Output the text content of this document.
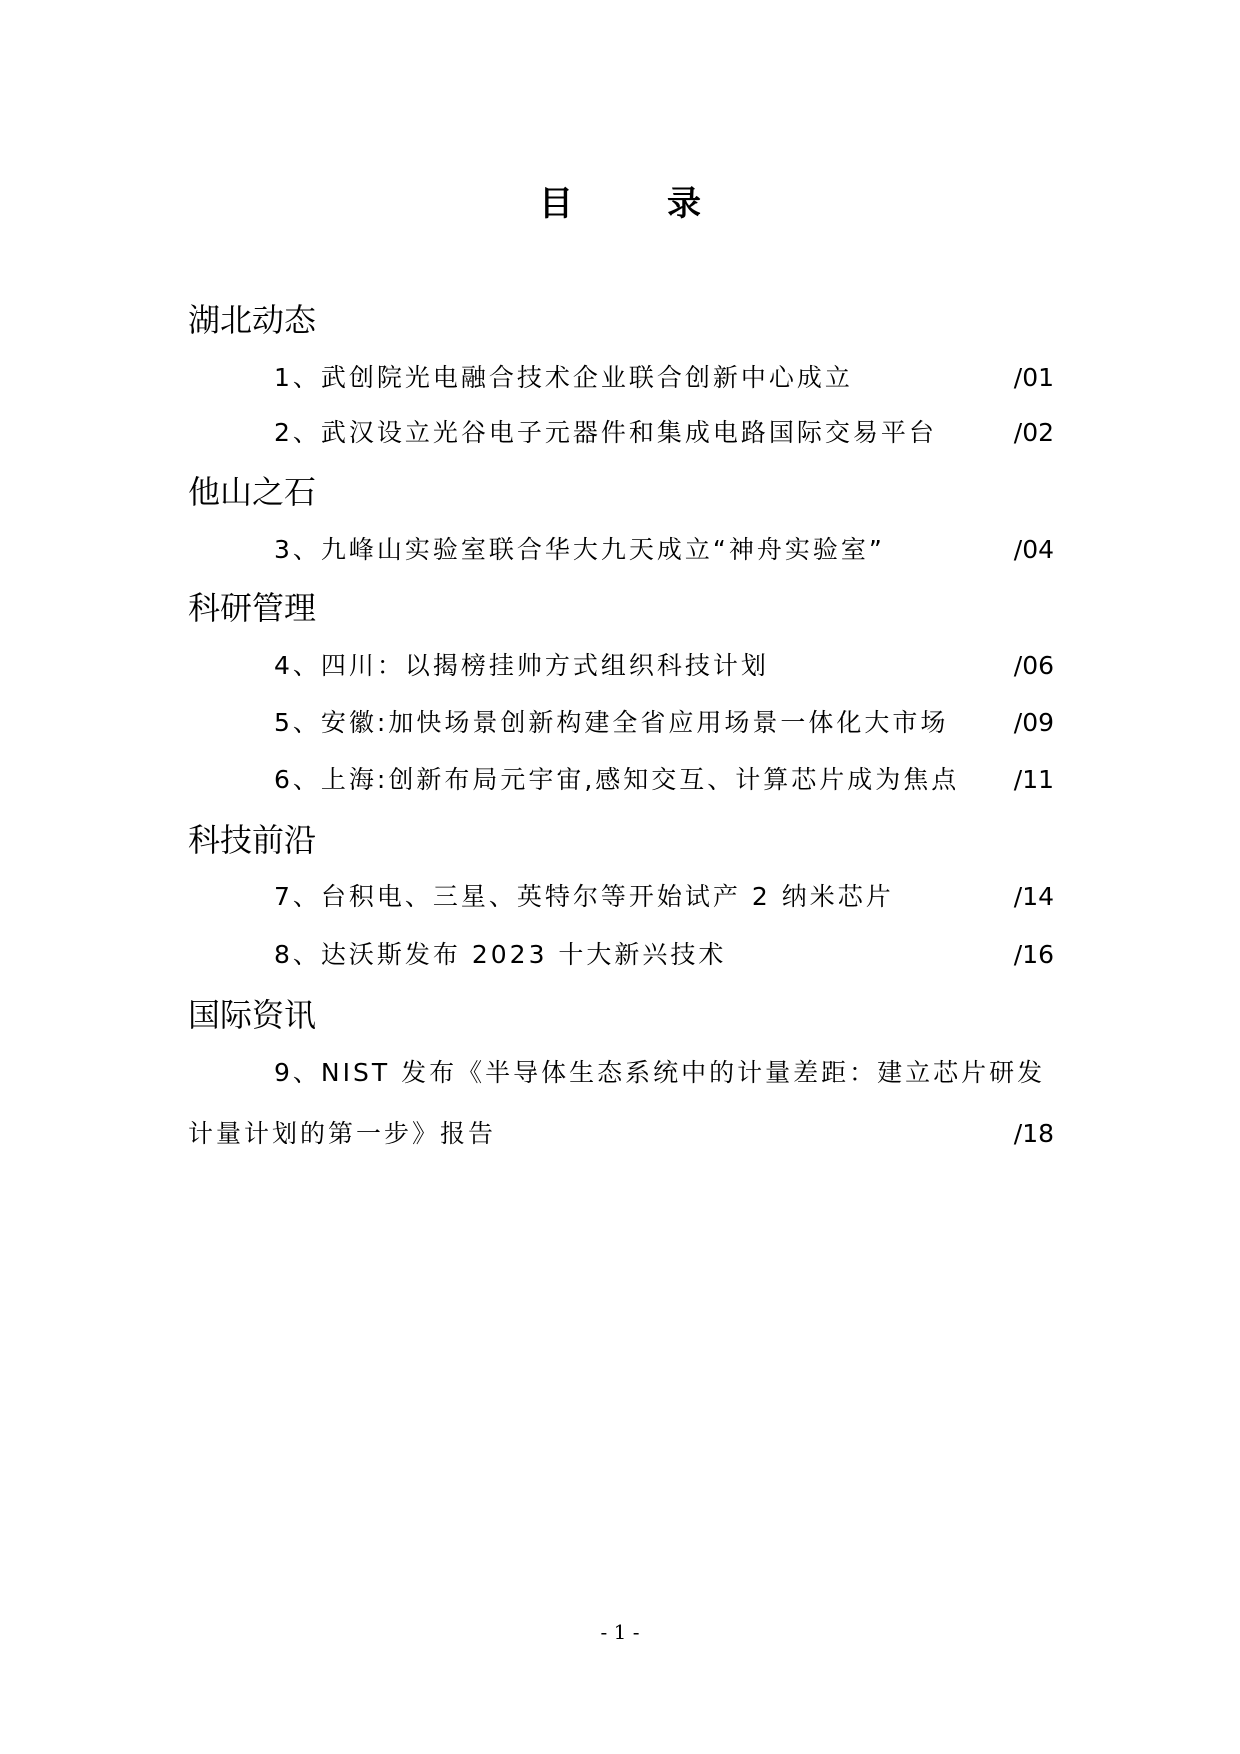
目　录
湖北动态
1、武创院光电融合技术企业联合创新中心成立	/01
2、武汉设立光谷电子元器件和集成电路国际交易平台	/02
他山之石
3、九峰山实验室联合华大九天成立“神舟实验室”	/04
科研管理
4、四川：以揭榜挂帅方式组织科技计划	/06
5、安徽:加快场景创新构建全省应用场景一体化大市场	/09
6、上海:创新布局元宇宙,感知交互、计算芯片成为焦点 /11
科技前沿
7、台积电、三星、英特尔等开始试产 2 纳米芯片	/14
8、达沃斯发布 2023 十大新兴技术	/16
国际资讯
9、NIST 发布《半导体生态系统中的计量差距：建立芯片研发
计量计划的第一步》报告	/18
- 1 -
